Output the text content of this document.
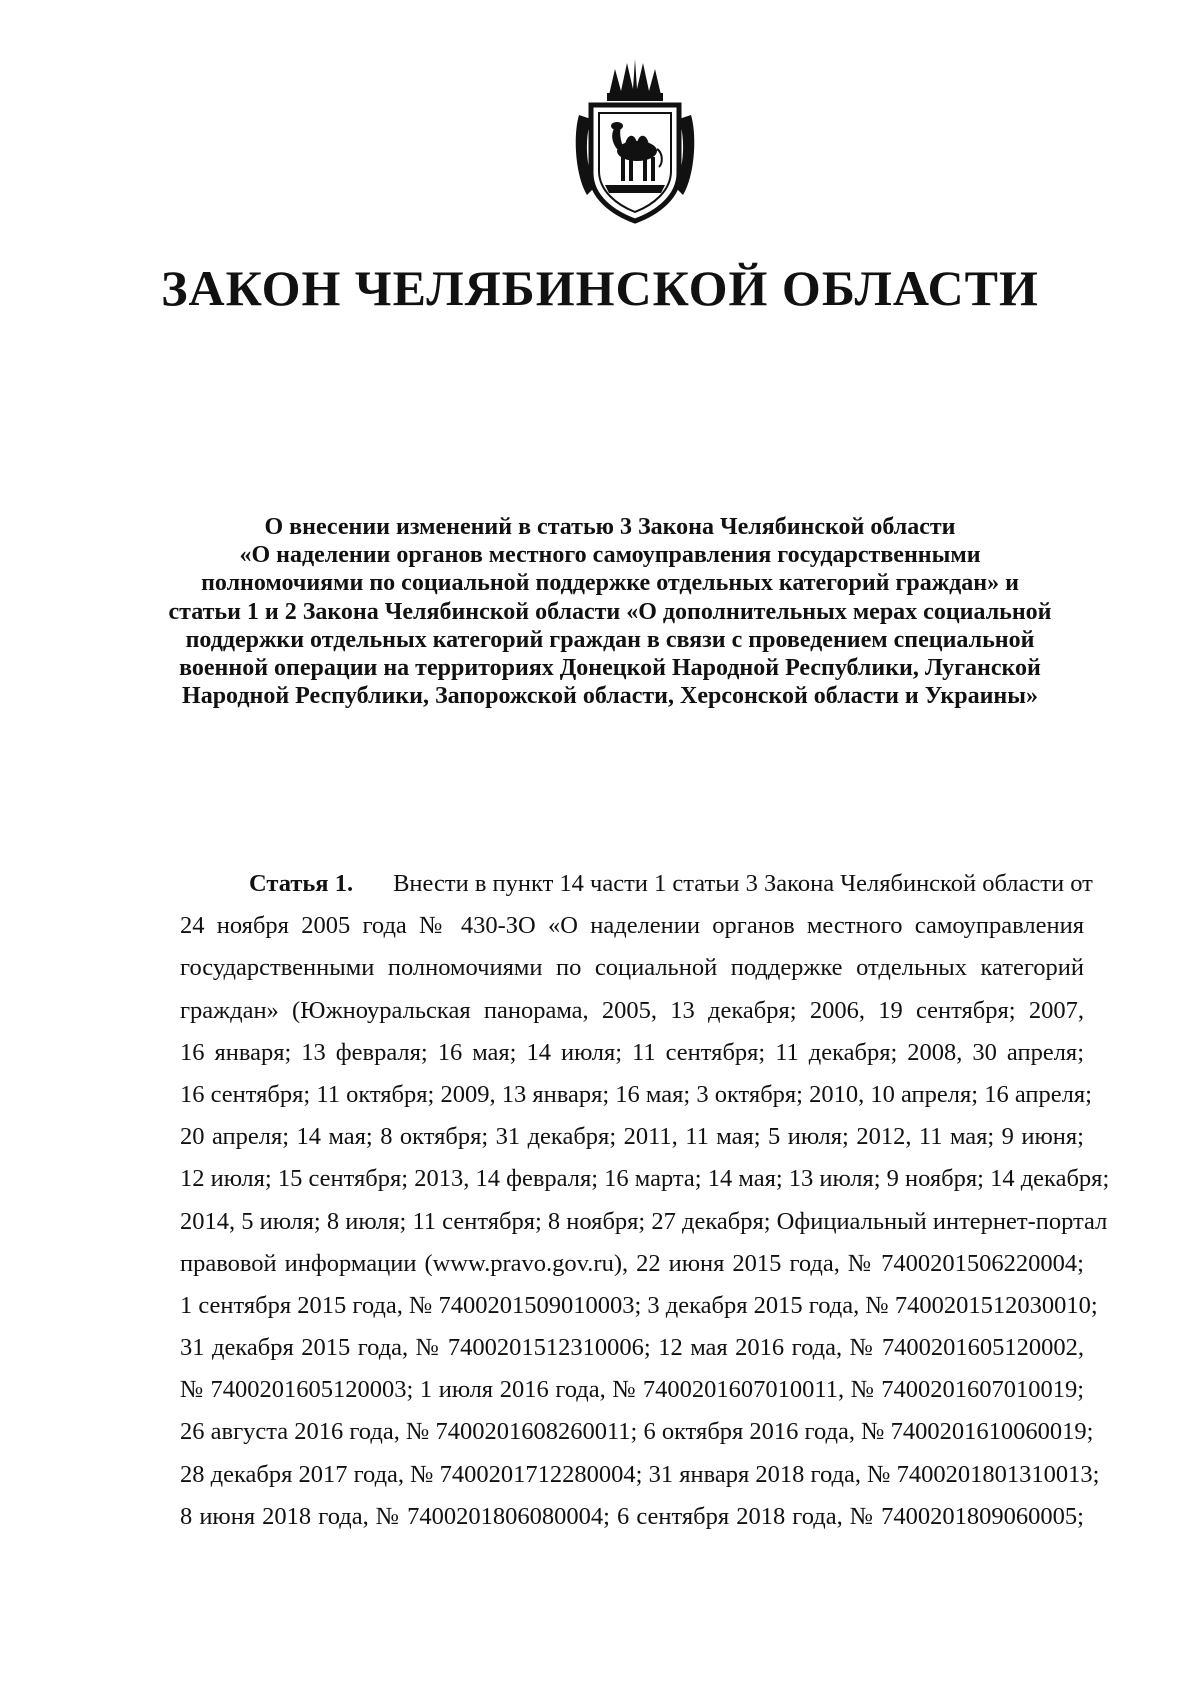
ЗАКОН ЧЕЛЯБИНСКОЙ ОБЛАСТИ
О внесении изменений в статью 3 Закона Челябинской области
«О наделении органов местного самоуправления государственными
полномочиями по социальной поддержке отдельных категорий граждан» и
статьи 1 и 2 Закона Челябинской области «О дополнительных мерах социальной
поддержки отдельных категорий граждан в связи с проведением специальной
военной операции на территориях Донецкой Народной Республики, Луганской
Народной Республики, Запорожской области, Херсонской области и Украины»
Статья 1. Внести в пункт 14 части 1 статьи 3 Закона Челябинской области от
24 ноября 2005 года № 430-ЗО «О наделении органов местного самоуправления
государственными полномочиями по социальной поддержке отдельных категорий
граждан» (Южноуральская панорама, 2005, 13 декабря; 2006, 19 сентября; 2007,
16 января; 13 февраля; 16 мая; 14 июля; 11 сентября; 11 декабря; 2008, 30 апреля;
16 сентября; 11 октября; 2009, 13 января; 16 мая; 3 октября; 2010, 10 апреля; 16 апреля;
20 апреля; 14 мая; 8 октября; 31 декабря; 2011, 11 мая; 5 июля; 2012, 11 мая; 9 июня;
12 июля; 15 сентября; 2013, 14 февраля; 16 марта; 14 мая; 13 июля; 9 ноября; 14 декабря;
2014, 5 июля; 8 июля; 11 сентября; 8 ноября; 27 декабря; Официальный интернет-портал
правовой информации (www.pravo.gov.ru), 22 июня 2015 года, № 7400201506220004;
1 сентября 2015 года, № 7400201509010003; 3 декабря 2015 года, № 7400201512030010;
31 декабря 2015 года, № 7400201512310006; 12 мая 2016 года, № 7400201605120002,
№ 7400201605120003; 1 июля 2016 года, № 7400201607010011, № 7400201607010019;
26 августа 2016 года, № 7400201608260011; 6 октября 2016 года, № 7400201610060019;
28 декабря 2017 года, № 7400201712280004; 31 января 2018 года, № 7400201801310013;
8 июня 2018 года, № 7400201806080004; 6 сентября 2018 года, № 7400201809060005;
